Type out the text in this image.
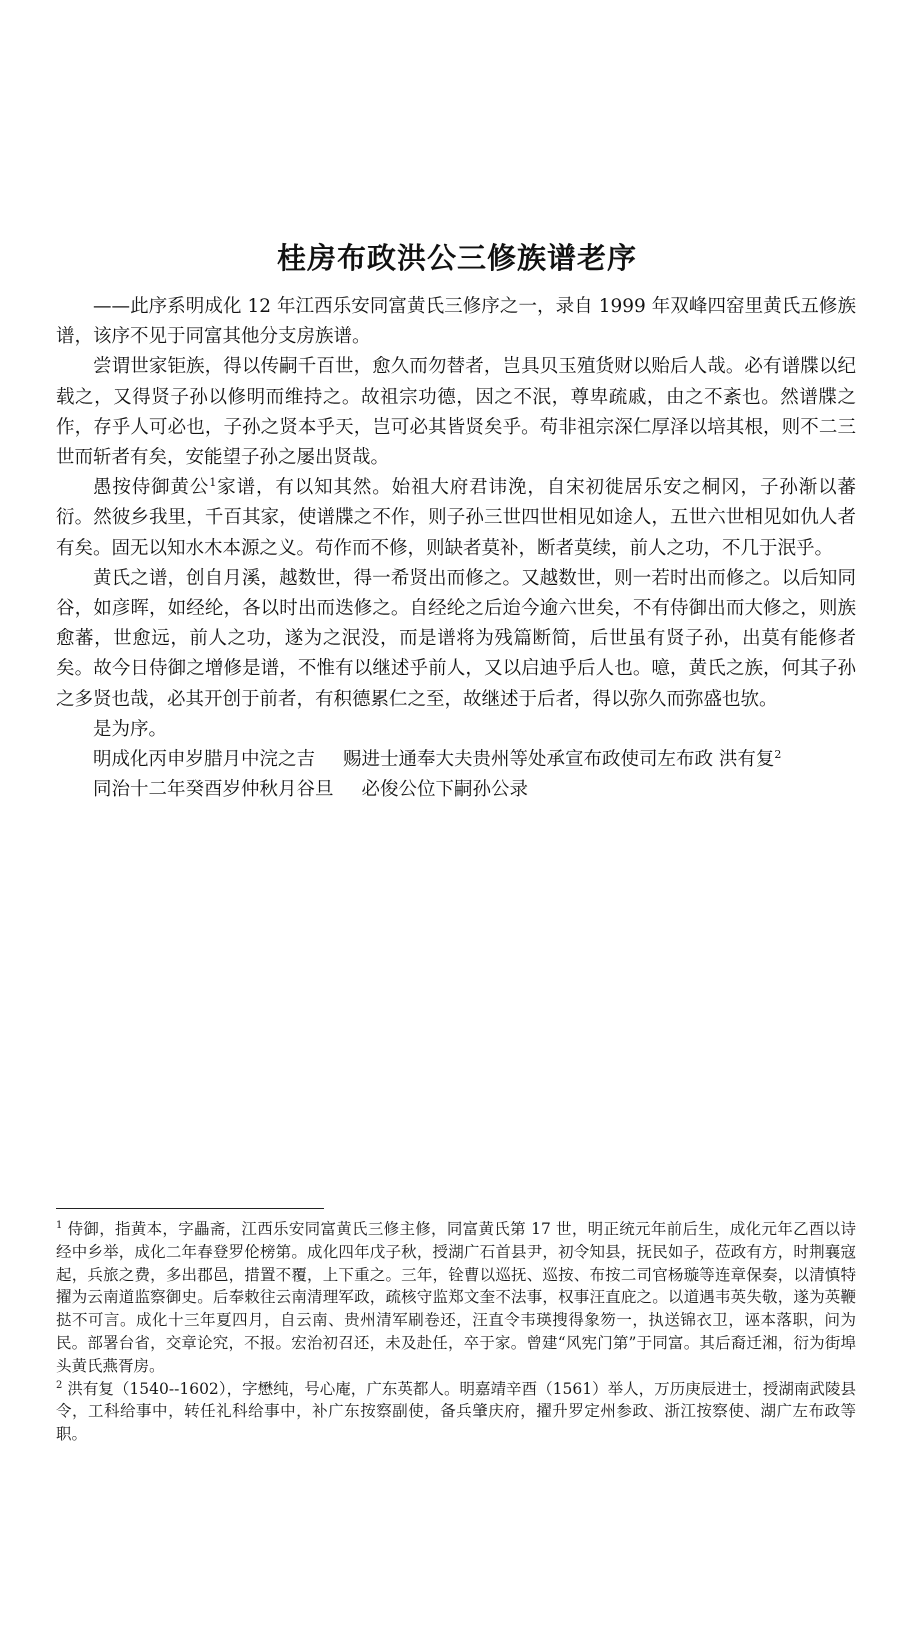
桂房布政洪公三修族谱老序

——此序系明成化 12 年江西乐安同富黄氏三修序之一，录自 1999 年双峰四窑里黄氏五修族谱，该序不见于同富其他分支房族谱。

尝谓世家钜族，得以传嗣千百世，愈久而勿替者，岂具贝玉殖货财以贻后人哉。必有谱牒以纪载之，又得贤子孙以修明而维持之。故祖宗功德，因之不泯，尊卑疏戚，由之不紊也。然谱牒之作，存乎人可必也，子孙之贤本乎天，岂可必其皆贤矣乎。苟非祖宗深仁厚泽以培其根，则不二三世而斩者有矣，安能望子孙之屡出贤哉。

愚按侍御黄公$^1$家谱，有以知其然。始祖大府君讳浼，自宋初徙居乐安之桐冈，子孙渐以蕃衍。然彼乡我里，千百其家，使谱牒之不作，则子孙三世四世相见如途人，五世六世相见如仇人者有矣。固无以知水木本源之义。苟作而不修，则缺者莫补，断者莫续，前人之功，不几于泯乎。

黄氏之谱，创自月溪，越数世，得一希贤出而修之。又越数世，则一若时出而修之。以后知同谷，如彦晖，如经纶，各以时出而迭修之。自经纶之后迨今逾六世矣，不有侍御出而大修之，则族愈蕃，世愈远，前人之功，遂为之泯没，而是谱将为残篇断简，后世虽有贤子孙，出莫有能修者矣。故今日侍御之增修是谱，不惟有以继述乎前人，又以启迪乎后人也。噫，黄氏之族，何其子孙之多贤也哉，必其开创于前者，有积德累仁之至，故继述于后者，得以弥久而弥盛也欤。

是为序。

明成化丙申岁腊月中浣之吉 赐进士通奉大夫贵州等处承宣布政使司左布政 洪有复$^2$
同治十二年癸酉岁仲秋月谷旦 必俊公位下嗣孙公录

$^1$ 侍御，指黄本，字畾斋，江西乐安同富黄氏三修主修，同富黄氏第 17 世，明正统元年前后生，成化元年乙酉以诗经中乡举，成化二年春登罗伦榜第。成化四年戊子秋，授湖广石首县尹，初令知县，抚民如子，莅政有方，时荆襄寇起，兵旅之费，多出郡邑，措置不覆，上下重之。三年，铨曹以巡抚、巡按、布按二司官杨璇等连章保奏，以清慎特擢为云南道监察御史。后奉敕往云南清理军政，疏核守监郑文奎不法事，权事汪直庇之。以道遇韦英失敬，遂为英鞭挞不可言。成化十三年夏四月，自云南、贵州清军刷卷还，汪直令韦瑛搜得象笏一，执送锦衣卫，诬本落职，问为民。部署台省，交章论究，不报。宏治初召还，未及赴任，卒于家。曾建“风宪门第”于同富。其后裔迁湘，衍为街埠头黄氏燕胥房。

$^2$ 洪有复（1540--1602），字懋纯，号心庵，广东英都人。明嘉靖辛酉（1561）举人，万历庚辰进士，授湖南武陵县令，工科给事中，转任礼科给事中，补广东按察副使，备兵肇庆府，擢升罗定州参政、浙江按察使、湖广左布政等职。
